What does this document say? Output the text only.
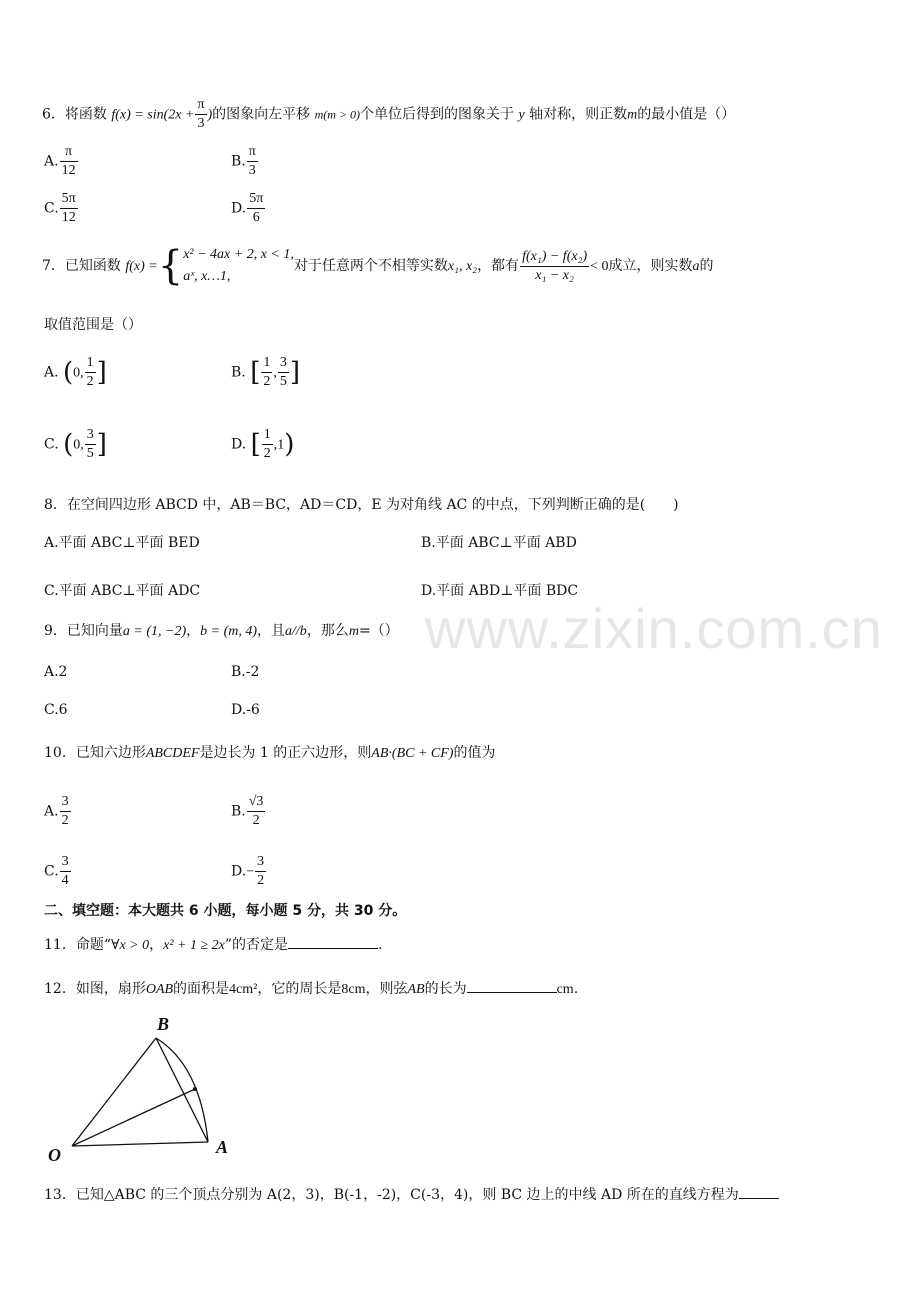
www.zixin.com.cn
6．将函数 $f(x) = \sin(2x + \frac{\pi}{3}$ )的图象向左平移 m(m > 0)个单位后得到的图象关于 y 轴对称，则正数m的最小值是（）
A. $\frac{\pi}{12}$	B. $\frac{\pi}{3}$
C. $\frac{5\pi}{12}$	D. $\frac{5\pi}{6}$
7．已知函数 f(x) ={ x² − 4ax + 2, x < 1,
aˣ, x…1,
对于任意两个不相等实数x₁, x₂，都有 $\frac{\text{f(x₁) − f(x₂)}}{\text{x₁ − x₂}} < 0$成立，则实数a的
取值范围是（）
A. (0, $\frac{1}{2}$ ]	B. [ $\frac{1}{2}$ , $\frac{3}{5}$ ]
C. (0, $\frac{3}{5}$ ]	D. [ $\frac{1}{2} ,1$)
8．在空间四边形 ABCD 中，AB＝BC，AD＝CD，E 为对角线 AC 的中点，下列判断正确的是(　　)
A.平面 ABC⊥平面 BED	B.平面 ABC⊥平面 ABD
C.平面 ABC⊥平面 ADC	D.平面 ABD⊥平面 BDC
9．已知向量a = (1, −2)，b = (m, 4)，且a//b，那么m=（）
A.2	B.-2
C.6	D.-6
10．已知六边形ABCDEF是边长为 1 的正六边形，则AB·(BC + CF)的值为
A. $\frac{3}{2}$	B. $\frac{√3}{2}$
C. $\frac{3}{4}$	$D.- \frac{3}{2}$
二、填空题：本大题共 6 小题，每小题 5 分，共 30 分。
11．命题“∀x > 0，x² + 1 ≥ 2x”的否定是	.
12．如图，扇形OAB的面积是4cm²，它的周长是8cm，则弦AB的长为	cm.
B
O	A
13．已知△ABC 的三个顶点分别为 A(2，3)，B(-1，-2)，C(-3，4)，则 BC 边上的中线 AD 所在的直线方程为
